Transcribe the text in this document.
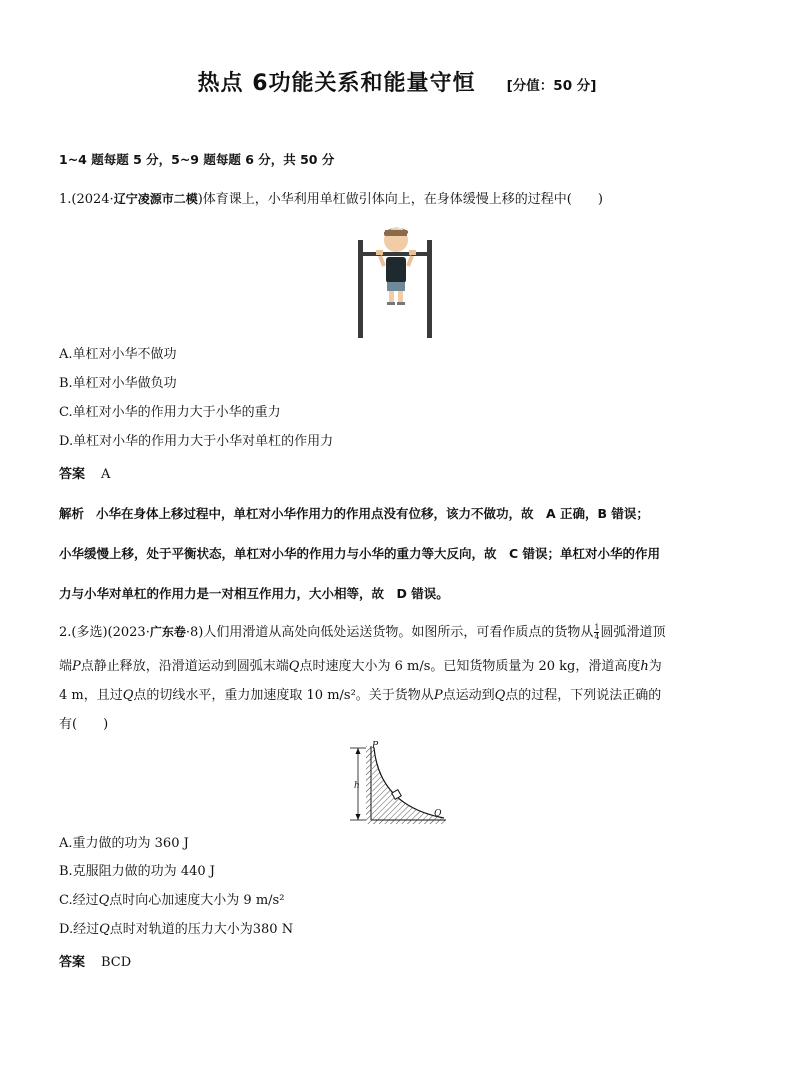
热点 6功能关系和能量守恒 [分值：50 分]
1~4 题每题 5 分，5~9 题每题 6 分，共 50 分
1.(2024·辽宁凌源市二模)体育课上，小华利用单杠做引体向上，在身体缓慢上移的过程中(　　)
A.单杠对小华不做功
B.单杠对小华做负功
C.单杠对小华的作用力大于小华的重力
D.单杠对小华的作用力大于小华对单杠的作用力
答案 A
解析 小华在身体上移过程中，单杠对小华作用力的作用点没有位移，该力不做功，故　A 正确，B 错误；
小华缓慢上移，处于平衡状态，单杠对小华的作用力与小华的重力等大反向，故　C 错误；单杠对小华的作用
力与小华对单杠的作用力是一对相互作用力，大小相等，故　D 错误。
2.(多选)(2023·广东卷·8)人们用滑道从高处向低处运送货物。如图所示，可看作质点的货物从 $\frac{1}{4}$ 圆弧滑道顶
端P点静止释放，沿滑道运动到圆弧末端Q点时速度大小为 6 m/s。已知货物质量为 20 kg，滑道高度h为
4 m，且过Q点的切线水平，重力加速度取 10 m/s²。关于货物从P点运动到Q点的过程，下列说法正确的
有(　　)
P
h
Q
A.重力做的功为 360 J
B.克服阻力做的功为 440 J
C.经过Q点时向心加速度大小为 9 m/s²
D.经过Q点时对轨道的压力大小为380 N
答案 BCD
